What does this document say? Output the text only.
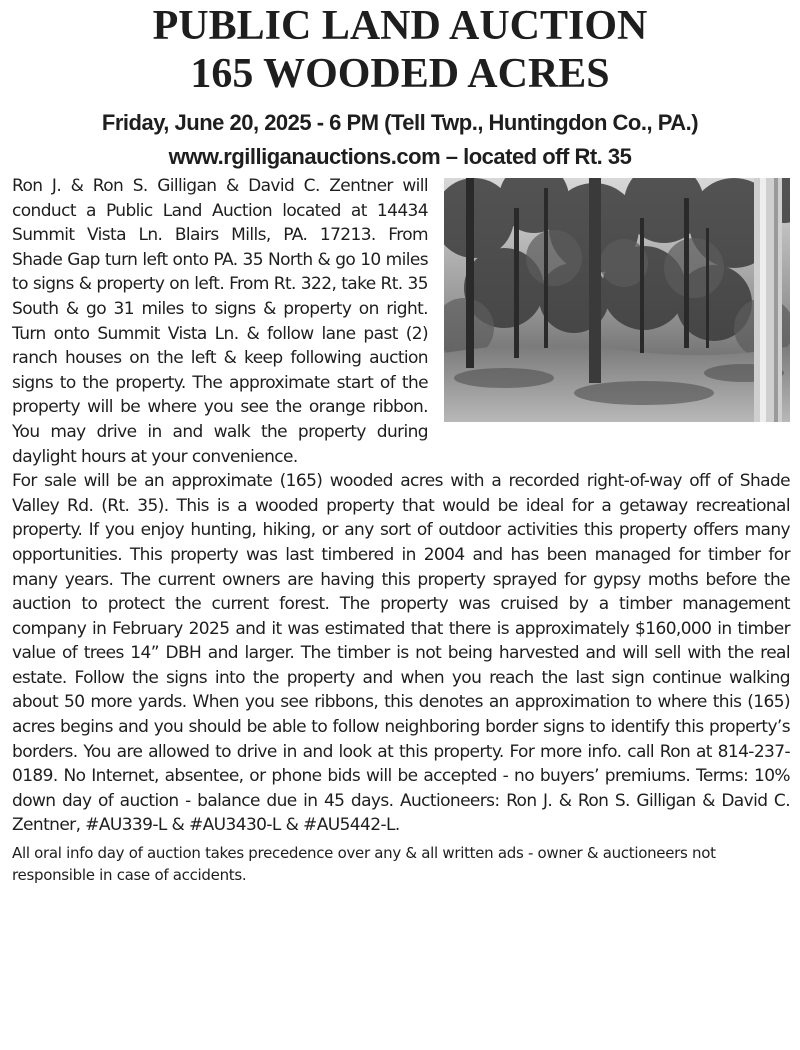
PUBLIC LAND AUCTION
165 WOODED ACRES
Friday, June 20, 2025 - 6 PM (Tell Twp., Huntingdon Co., PA.)
www.rgilliganauctions.com – located off Rt. 35

Ron J. & Ron S. Gilligan & David C. Zentner will conduct a Public Land Auction located at 14434 Summit Vista Ln. Blairs Mills, PA. 17213. From Shade Gap turn left onto PA. 35 North & go 10 miles to signs & property on left. From Rt. 322, take Rt. 35 South & go 31 miles to signs & property on right. Turn onto Summit Vista Ln. & follow lane past (2) ranch houses on the left & keep following auction signs to the property. The approximate start of the property will be where you see the orange ribbon. You may drive in and walk the property during daylight hours at your convenience.

For sale will be an approximate (165) wooded acres with a recorded right-of-way off of Shade Valley Rd. (Rt. 35). This is a wooded property that would be ideal for a getaway recreational property. If you enjoy hunting, hiking, or any sort of outdoor activities this property offers many opportunities. This property was last timbered in 2004 and has been managed for timber for many years. The current owners are having this property sprayed for gypsy moths before the auction to protect the current forest. The property was cruised by a timber management company in February 2025 and it was estimated that there is approximately $160,000 in timber value of trees 14” DBH and larger. The timber is not being harvested and will sell with the real estate. Follow the signs into the property and when you reach the last sign continue walking about 50 more yards. When you see ribbons, this denotes an approximation to where this (165) acres begins and you should be able to follow neighboring border signs to identify this property’s borders. You are allowed to drive in and look at this property. For more info. call Ron at 814-237-0189. No Internet, absentee, or phone bids will be accepted - no buyers’ premiums. Terms: 10% down day of auction - balance due in 45 days. Auctioneers: Ron J. & Ron S. Gilligan & David C. Zentner, #AU339-L & #AU3430-L & #AU5442-L.

All oral info day of auction takes precedence over any & all written ads - owner & auctioneers not responsible in case of accidents.
